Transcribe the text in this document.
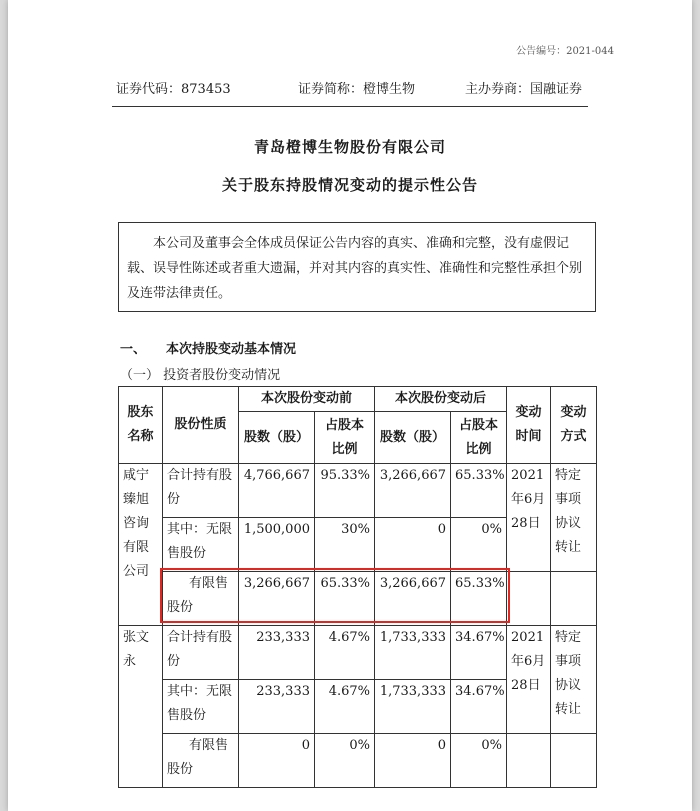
公告编号：2021-044
证券代码：873453	证券简称：橙博生物	主办券商：国融证券
青岛橙博生物股份有限公司
关于股东持股情况变动的提示性公告
本公司及董事会全体成员保证公告内容的真实、准确和完整，没有虚假记载、误导性陈述或者重大遗漏，并对其内容的真实性、准确性和完整性承担个别及连带法律责任。
一、 本次持股变动基本情况
（一） 投资者股份变动情况
股东名称	股份性质	本次股份变动前		本次股份变动后		变动时间	变动方式
		股数（股）	占股本比例	股数（股）	占股本比例		
咸宁臻旭咨询有限公司	合计持有股份	4,766,667	95.33%	3,266,667	65.33%	2021年6月28日	特定事项协议转让
	其中：无限售股份	1,500,000	30%	0	0%		
	有限售股份	3,266,667	65.33%	3,266,667	65.33%		
张文永	合计持有股份	233,333	4.67%	1,733,333	34.67%	2021年6月28日	特定事项协议转让
	其中：无限售股份	233,333	4.67%	1,733,333	34.67%		
	有限售股份	0	0%	0	0%		
